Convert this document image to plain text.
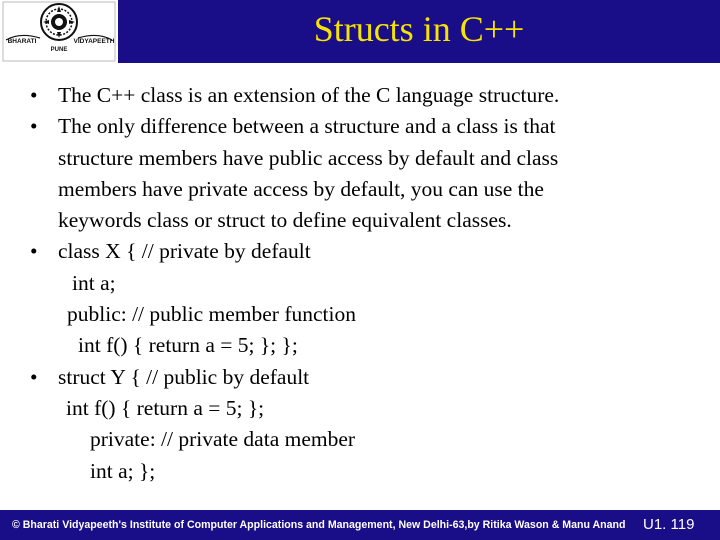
BHARATI	VIDYAPEETH
PUNE
Structs in C++
• The C++ class is an extension of the C language structure.
• The only difference between a structure and a class is that
structure members have public access by default and class
members have private access by default, you can use the
keywords class or struct to define equivalent classes.
• class X { // private by default
int a;
public: // public member function
int f() { return a = 5; }; };
• struct Y { // public by default
int f() { return a = 5; };
private: // private data member
int a; };
© Bharati Vidyapeeth's Institute of Computer Applications and Management, New Delhi-63,by Ritika Wason & Manu Anand U1. 119
